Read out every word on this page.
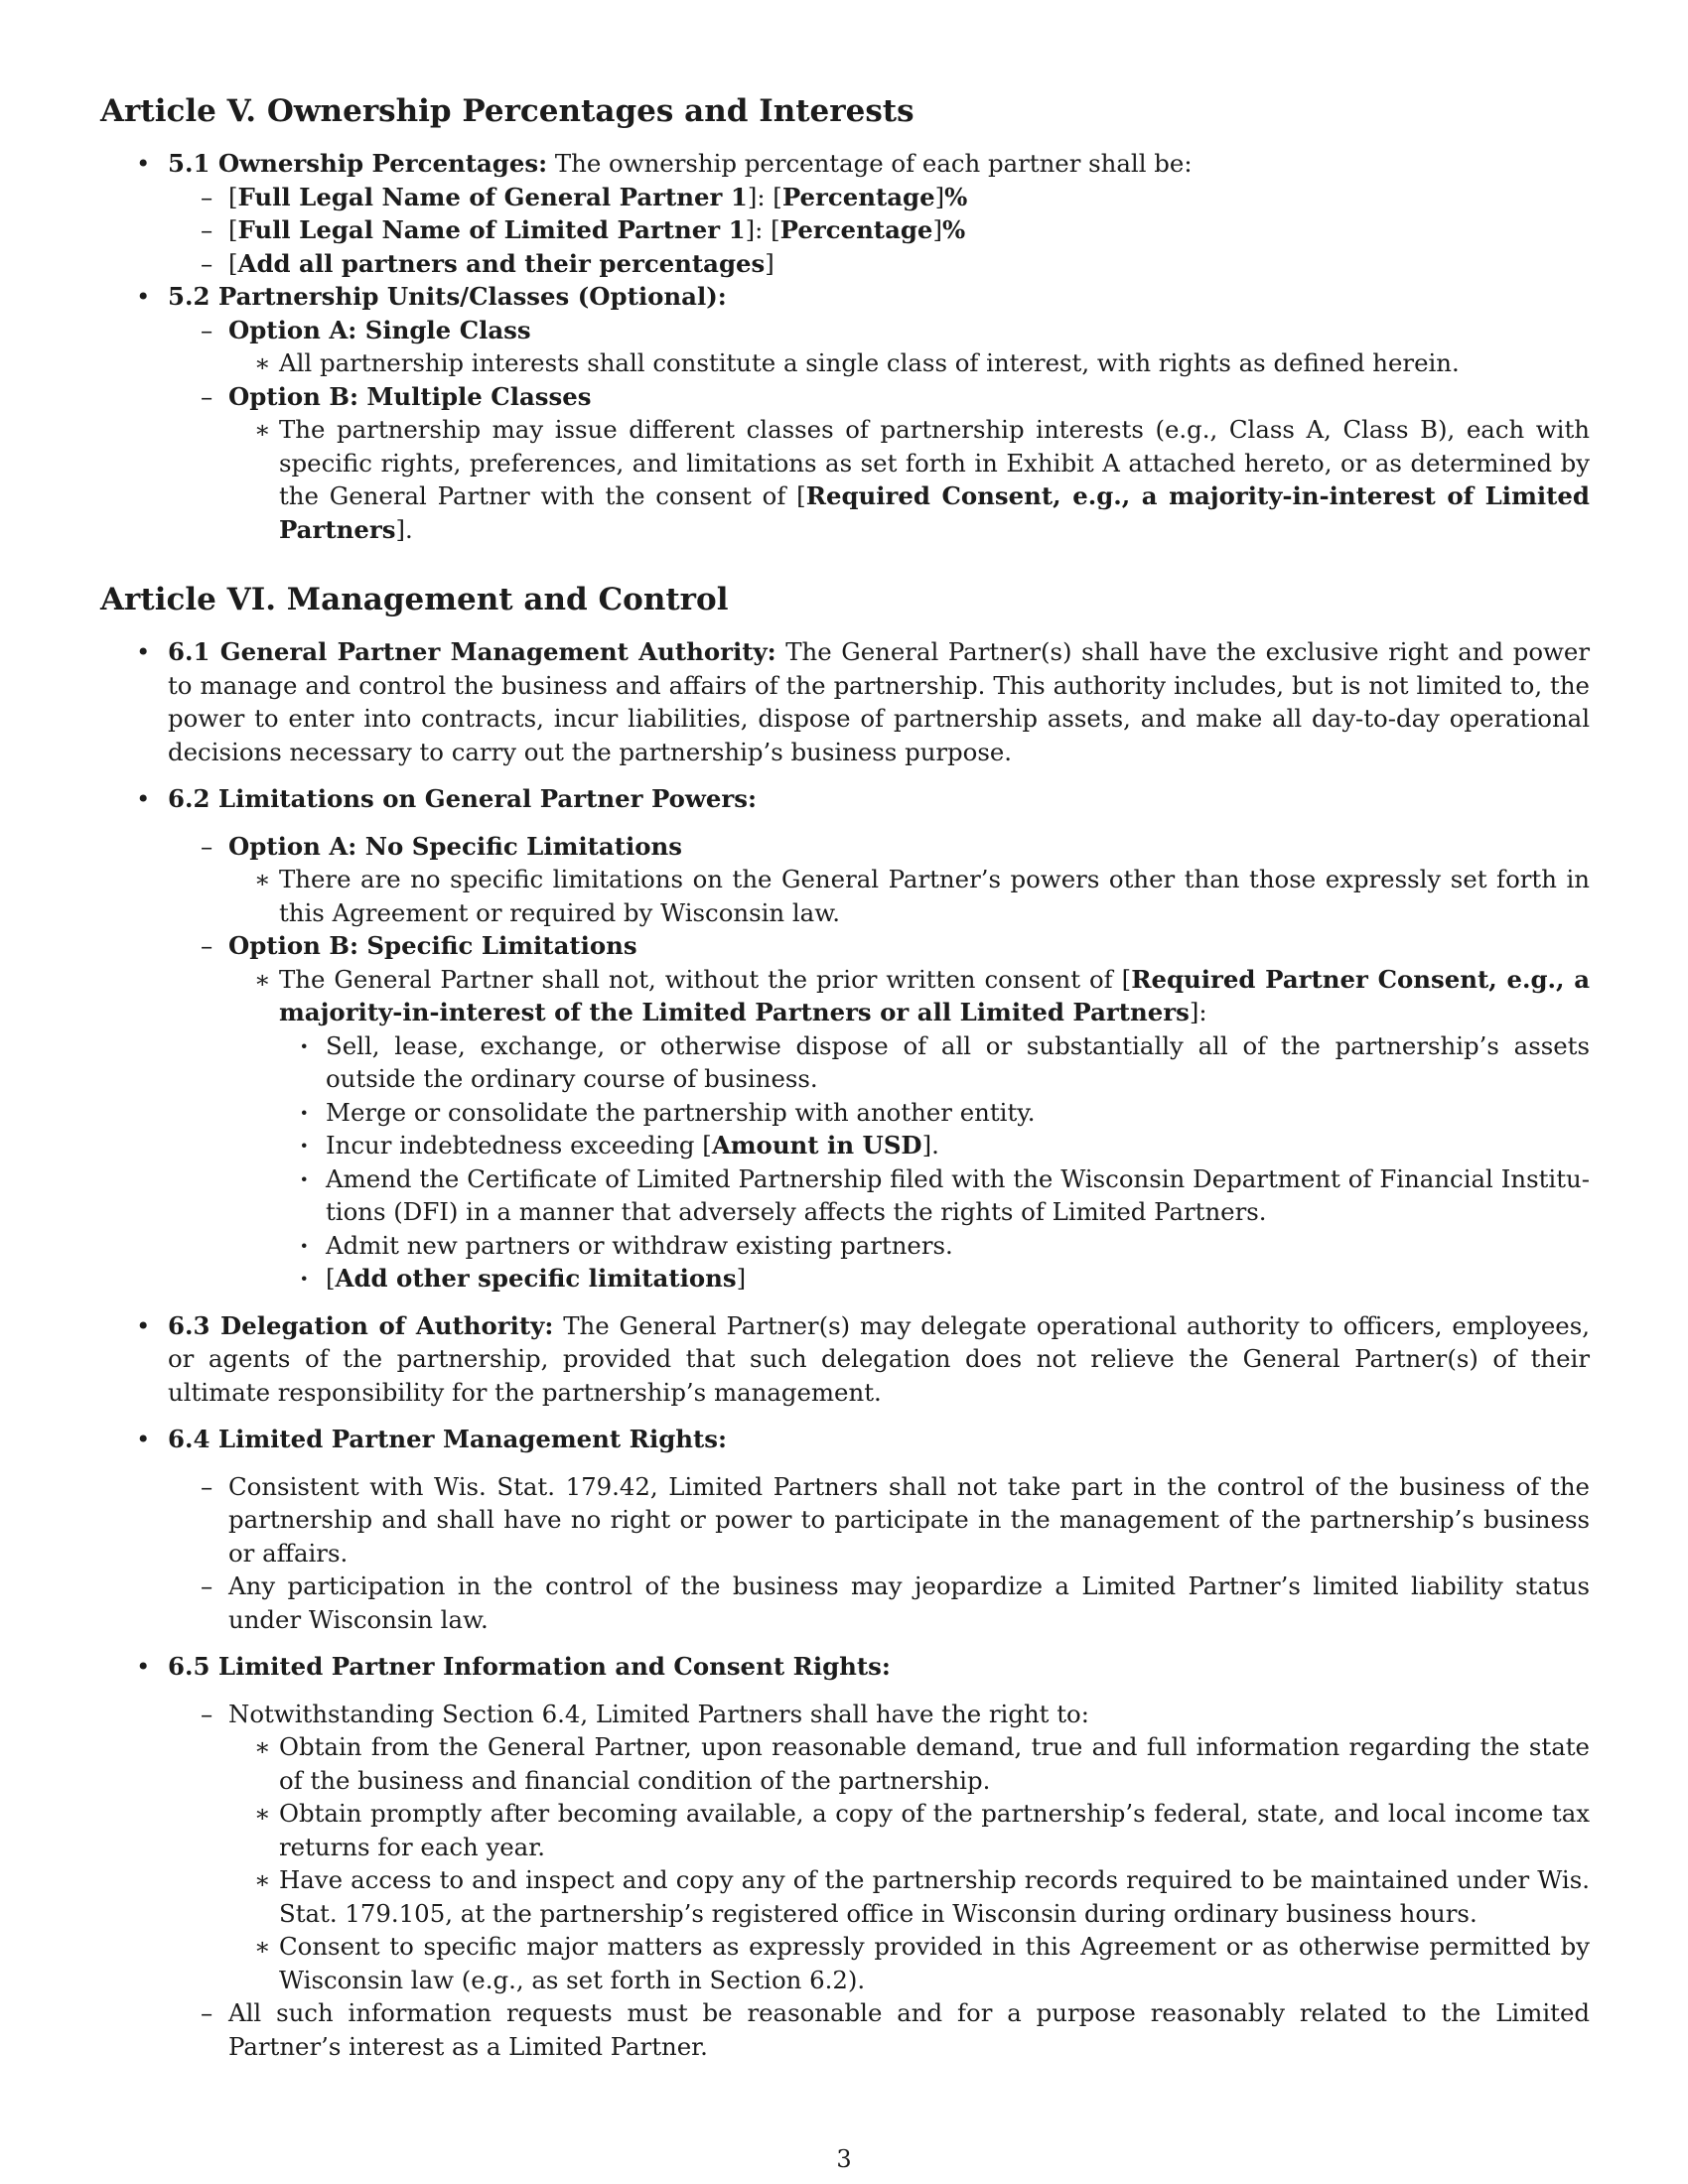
Article V. Ownership Percentages and Interests
• 5.1 Ownership Percentages: The ownership percentage of each partner shall be:
– [Full Legal Name of General Partner 1]: [Percentage]%
– [Full Legal Name of Limited Partner 1]: [Percentage]%
– [Add all partners and their percentages]
• 5.2 Partnership Units/Classes (Optional):
– Option A: Single Class
∗ All partnership interests shall constitute a single class of interest, with rights as defined herein.
– Option B: Multiple Classes
∗ The partnership may issue different classes of partnership interests (e.g., Class A, Class B), each with specific rights, preferences, and limitations as set forth in Exhibit A attached hereto, or as determined by the General Partner with the consent of [Required Consent, e.g., a majority-in-interest of Limited Partners].
Article VI. Management and Control
• 6.1 General Partner Management Authority: The General Partner(s) shall have the exclusive right and power to manage and control the business and affairs of the partnership. This authority includes, but is not limited to, the power to enter into contracts, incur liabilities, dispose of partnership assets, and make all day-to-day operational decisions necessary to carry out the partnership’s business purpose.
• 6.2 Limitations on General Partner Powers:
– Option A: No Specific Limitations
∗ There are no specific limitations on the General Partner’s powers other than those expressly set forth in this Agreement or required by Wisconsin law.
– Option B: Specific Limitations
∗ The General Partner shall not, without the prior written consent of [Required Partner Consent, e.g., a majority-in-interest of the Limited Partners or all Limited Partners]:
· Sell, lease, exchange, or otherwise dispose of all or substantially all of the partnership’s assets outside the ordinary course of business.
· Merge or consolidate the partnership with another entity.
· Incur indebtedness exceeding [Amount in USD].
· Amend the Certificate of Limited Partnership filed with the Wisconsin Department of Financial Institutions (DFI) in a manner that adversely affects the rights of Limited Partners.
· Admit new partners or withdraw existing partners.
· [Add other specific limitations]
• 6.3 Delegation of Authority: The General Partner(s) may delegate operational authority to officers, employees, or agents of the partnership, provided that such delegation does not relieve the General Partner(s) of their ultimate responsibility for the partnership’s management.
• 6.4 Limited Partner Management Rights:
– Consistent with Wis. Stat. 179.42, Limited Partners shall not take part in the control of the business of the partnership and shall have no right or power to participate in the management of the partnership’s business or affairs.
– Any participation in the control of the business may jeopardize a Limited Partner’s limited liability status under Wisconsin law.
• 6.5 Limited Partner Information and Consent Rights:
– Notwithstanding Section 6.4, Limited Partners shall have the right to:
∗ Obtain from the General Partner, upon reasonable demand, true and full information regarding the state of the business and financial condition of the partnership.
∗ Obtain promptly after becoming available, a copy of the partnership’s federal, state, and local income tax returns for each year.
∗ Have access to and inspect and copy any of the partnership records required to be maintained under Wis. Stat. 179.105, at the partnership’s registered office in Wisconsin during ordinary business hours.
∗ Consent to specific major matters as expressly provided in this Agreement or as otherwise permitted by Wisconsin law (e.g., as set forth in Section 6.2).
– All such information requests must be reasonable and for a purpose reasonably related to the Limited Partner’s interest as a Limited Partner.
3
